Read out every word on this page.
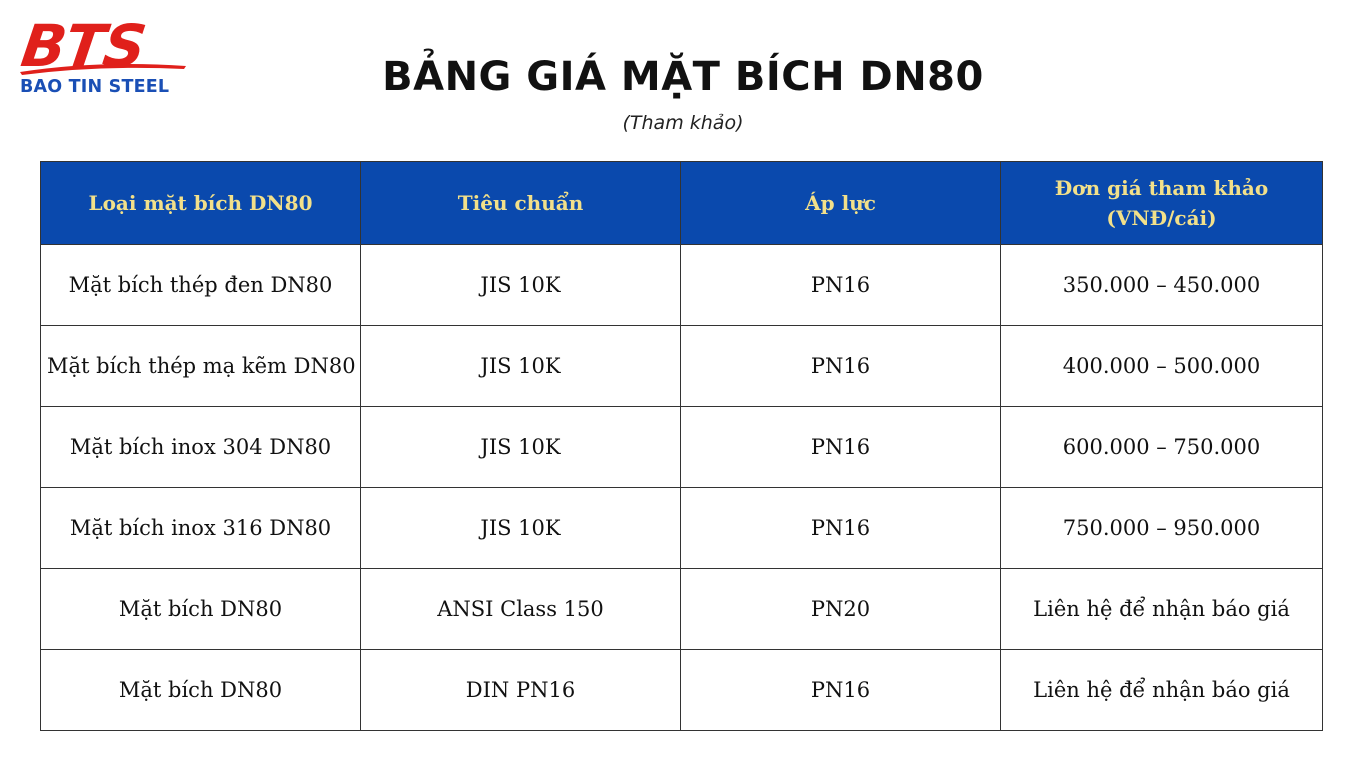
BTS
BAO TIN STEEL	BẢNG GIÁ MẶT BÍCH DN80
(Tham khảo)
Loại mặt bích DN80	Tiêu chuẩn	Áp lực	Đơn giá tham khảo (VNĐ/cái)
Mặt bích thép đen DN80	JIS 10K	PN16	350.000 – 450.000
Mặt bích thép mạ kẽm DN80	JIS 10K	PN16	400.000 – 500.000
Mặt bích inox 304 DN80	JIS 10K	PN16	600.000 – 750.000
Mặt bích inox 316 DN80	JIS 10K	PN16	750.000 – 950.000
Mặt bích DN80	ANSI Class 150	PN20	Liên hệ để nhận báo giá
Mặt bích DN80	DIN PN16	PN16	Liên hệ để nhận báo giá
